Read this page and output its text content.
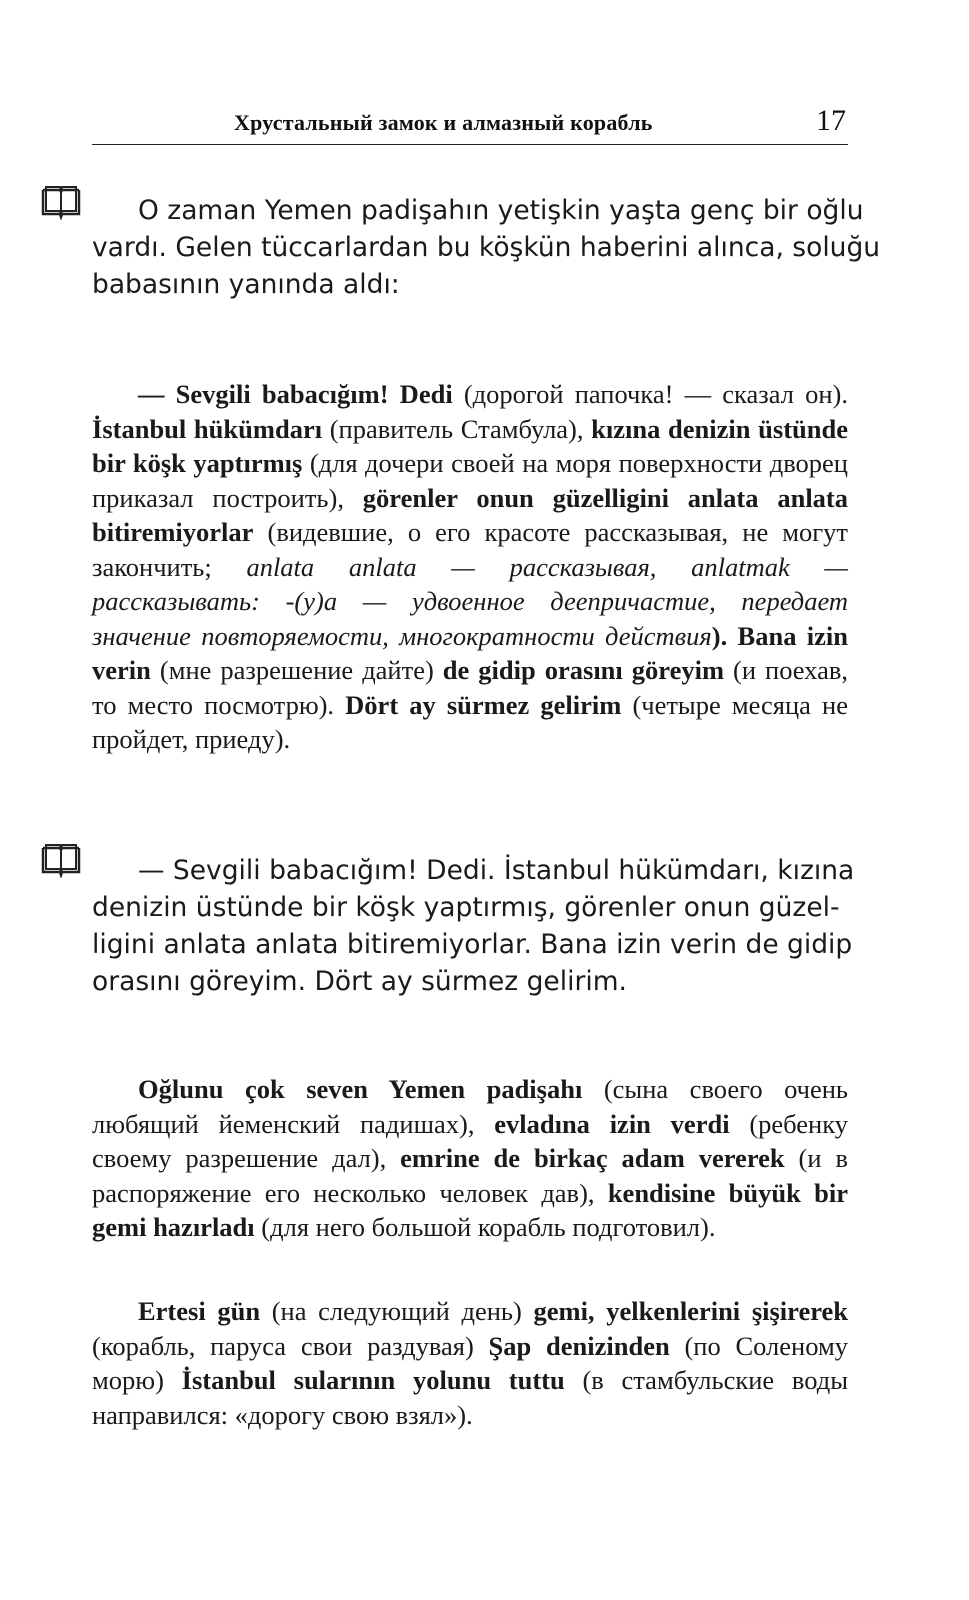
Хрустальный замок и алмазный корабль	17
O zaman Yemen padişahın yetişkin yaşta genç bir oğlu
vardı. Gelen tüccarlardan bu köşkün haberini alınca, soluğu
babasının yanında aldı:

— Sevgili babacığım! Dedi (дорогой папочка! — сказал он). İstanbul hükümdarı (правитель Стамбула), kızına denizin üstünde bir köşk yaptırmış (для дочери своей на моря поверхности дворец приказал построить), görenler onun güzelligini anlata anlata bitiremiyorlar (видевшие, о его красоте рассказывая, не могут закончить; anlata anlata — рассказывая, anlatmak — рассказывать: -(y)a — удвоенное деепричастие, передает значение повторяемости, многократности действия). Bana izin verin (мне разрешение дайте) de gidip orasını göreyim (и поехав, то место посмотрю). Dört ay sürmez gelirim (четыре месяца не пройдет, приеду).

— Sevgili babacığım! Dedi. İstanbul hükümdarı, kızına
denizin üstünde bir köşk yaptırmış, görenler onun güzel-
ligini anlata anlata bitiremiyorlar. Bana izin verin de gidip
orasını göreyim. Dört ay sürmez gelirim.

Oğlunu çok seven Yemen padişahı (сына своего очень любящий йеменский падишах), evladına izin verdi (ребенку своему разрешение дал), emrine de birkaç adam vererek (и в распоряжение его несколько человек дав), kendisine büyük bir gemi hazırladı (для него большой корабль подготовил).

Ertesi gün (на следующий день) gemi, yelkenlerini şişirerek (корабль, паруса свои раздувая) Şap denizinden (по Соленому морю) İstanbul sularının yolunu tuttu (в стамбульские воды направился: «дорогу свою взял»).
